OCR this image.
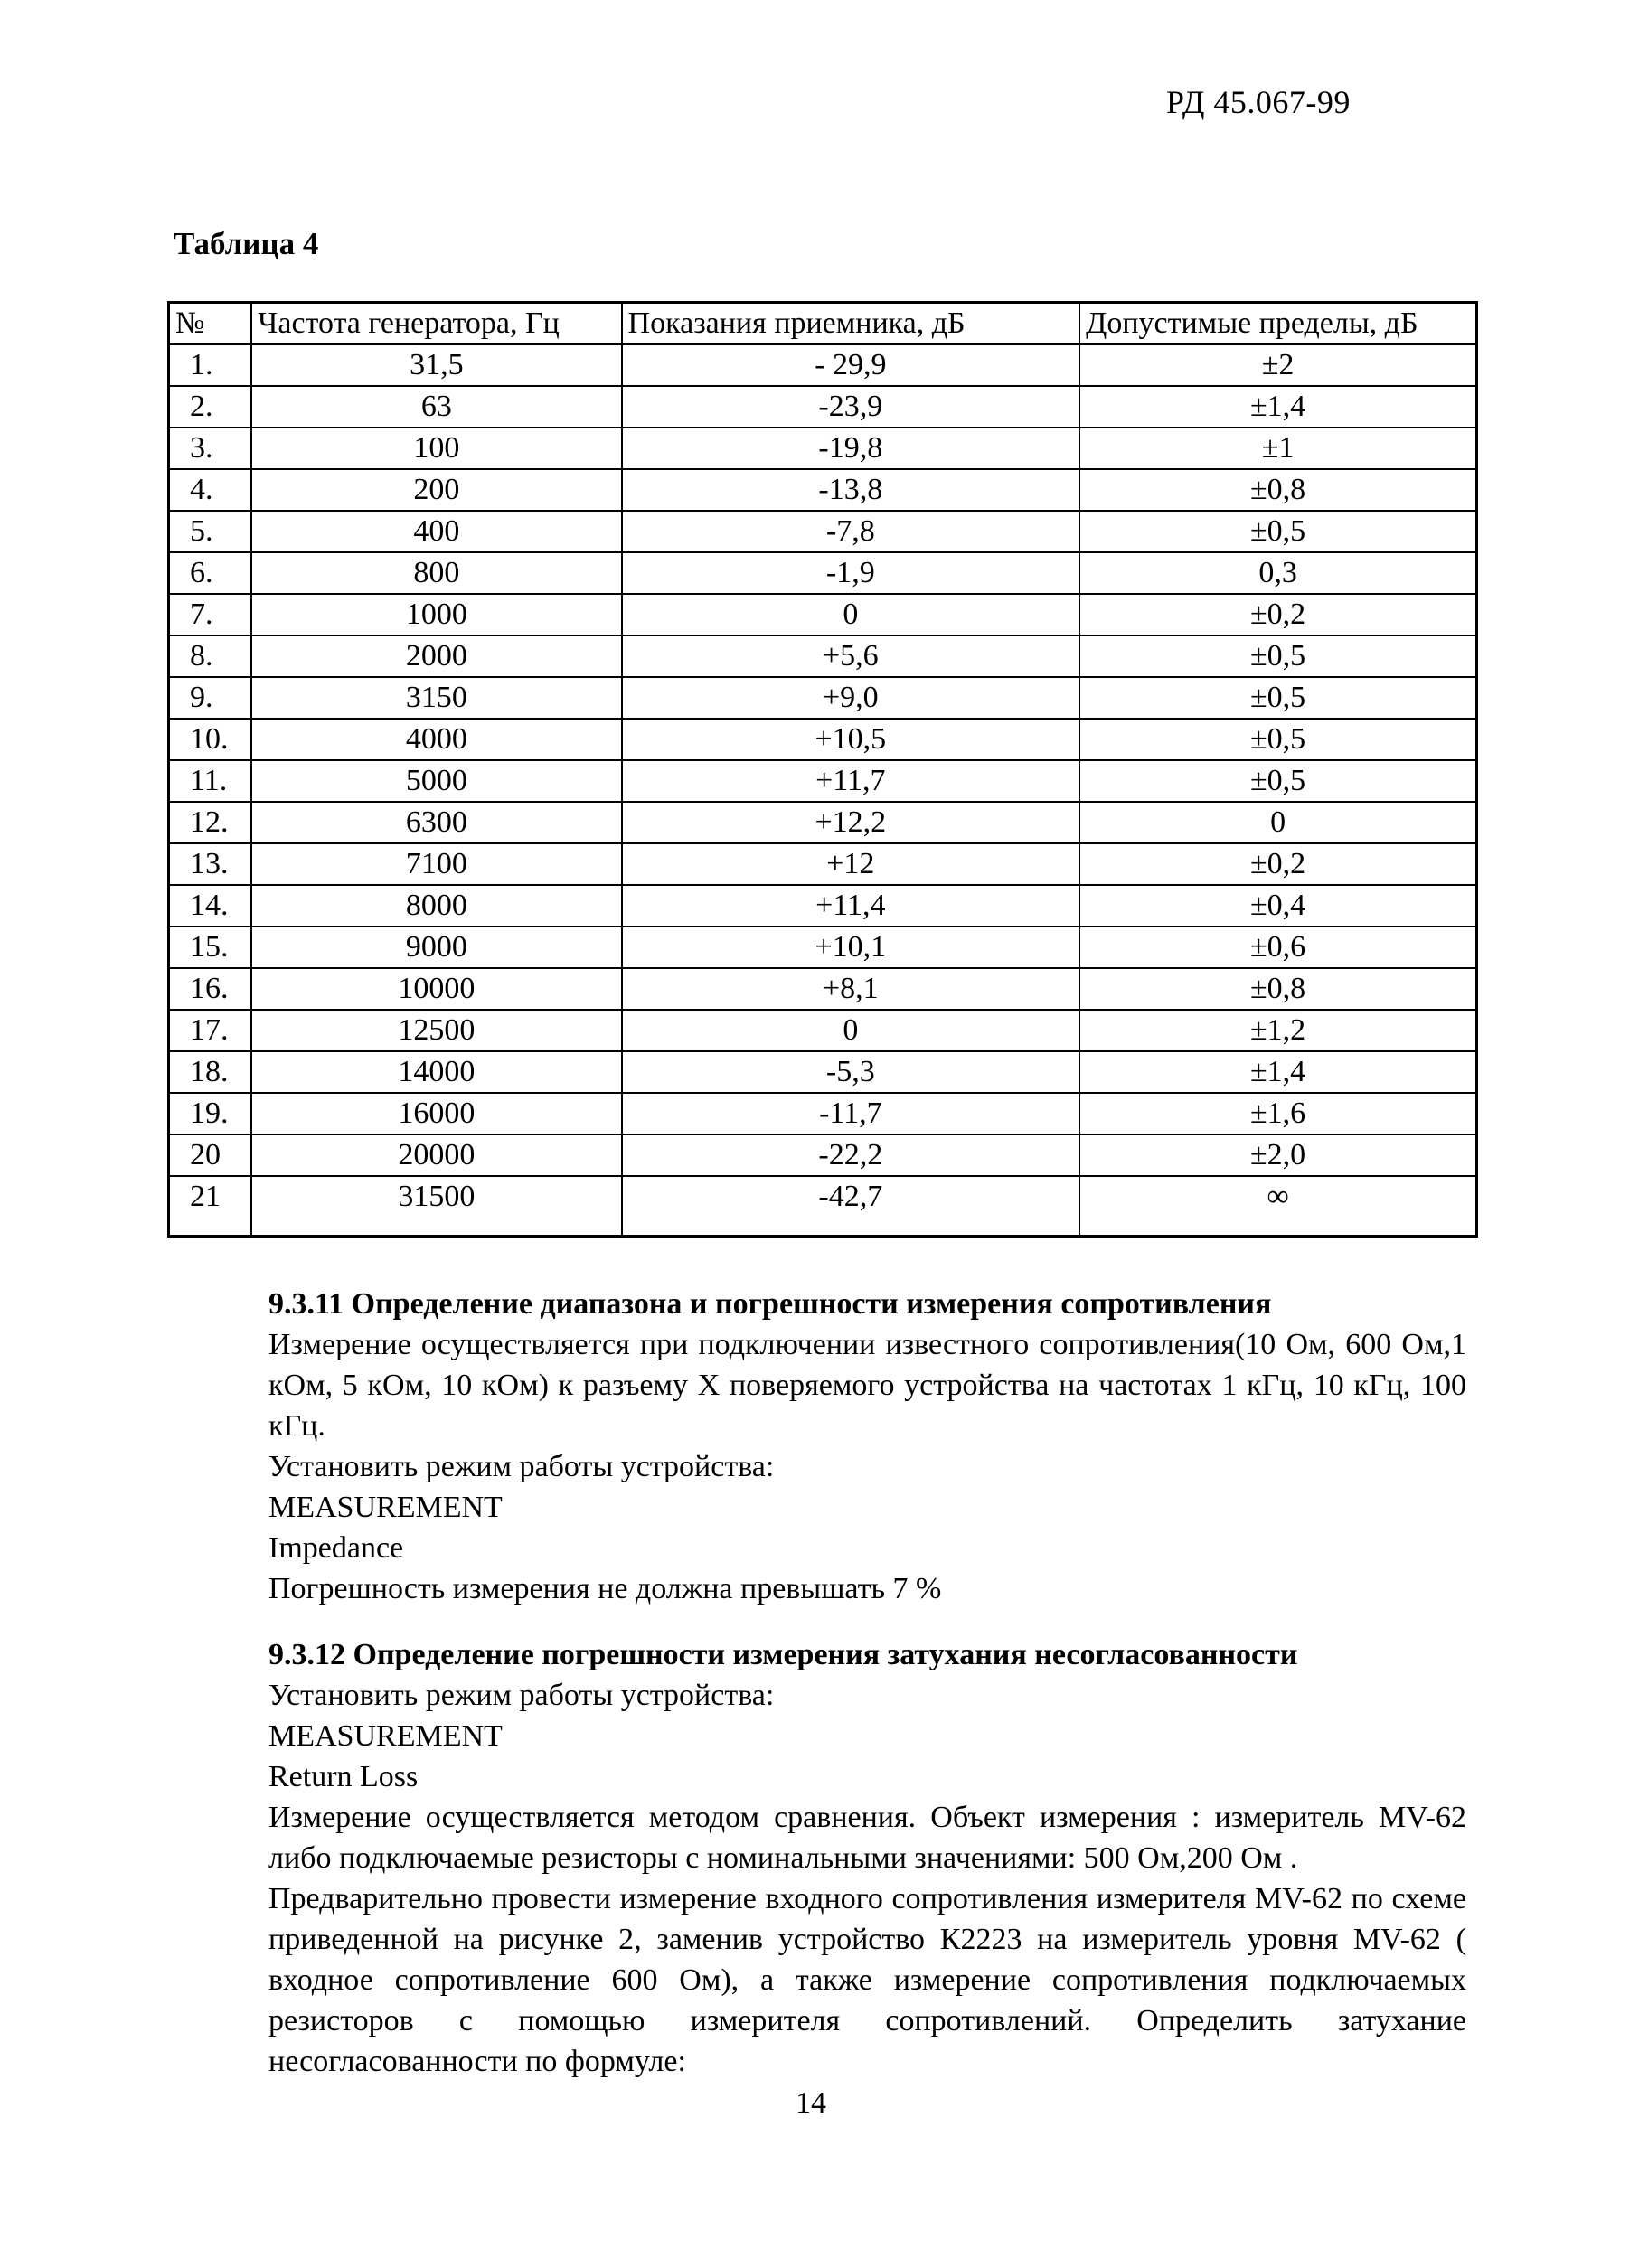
РД 45.067-99
Таблица 4
№	Частота генератора, Гц	Показания приемника, дБ	Допустимые пределы, дБ
1.	31,5	- 29,9	±2
2.	63	-23,9	±1,4
3.	100	-19,8	±1
4.	200	-13,8	±0,8
5.	400	-7,8	±0,5
6.	800	-1,9	0,3
7.	1000	0	±0,2
8.	2000	+5,6	±0,5
9.	3150	+9,0	±0,5
10.	4000	+10,5	±0,5
11.	5000	+11,7	±0,5
12.	6300	+12,2	0
13.	7100	+12	±0,2
14.	8000	+11,4	±0,4
15.	9000	+10,1	±0,6
16.	10000	+8,1	±0,8
17.	12500	0	±1,2
18.	14000	-5,3	±1,4
19.	16000	-11,7	±1,6
20	20000	-22,2	±2,0
21	31500	-42,7	∞

9.3.11 Определение диапазона и погрешности измерения сопротивления

Измерение осуществляется при подключении известного сопротивления(10 Ом, 600 Ом,1 кОм, 5 кОм, 10 кОм) к разъему X поверяемого устройства на частотах 1 кГц, 10 кГц, 100 кГц.

Установить режим работы устройства:

MEASUREMENT

Impedance

Погрешность измерения не должна превышать 7 %

9.3.12 Определение погрешности измерения затухания несогласованности

Установить режим работы устройства:

MEASUREMENT

Return Loss

Измерение осуществляется методом сравнения. Объект измерения : измеритель MV-62 либо подключаемые резисторы с номинальными значениями: 500 Ом,200 Ом .

Предварительно провести измерение входного сопротивления измерителя MV-62 по схеме приведенной на рисунке 2, заменив устройство К2223 на измеритель уровня MV-62 ( входное сопротивление 600 Ом), а также измерение сопротивления подключаемых резисторов с помощью измерителя сопротивлений. Определить затухание несогласованности по формуле:

14
